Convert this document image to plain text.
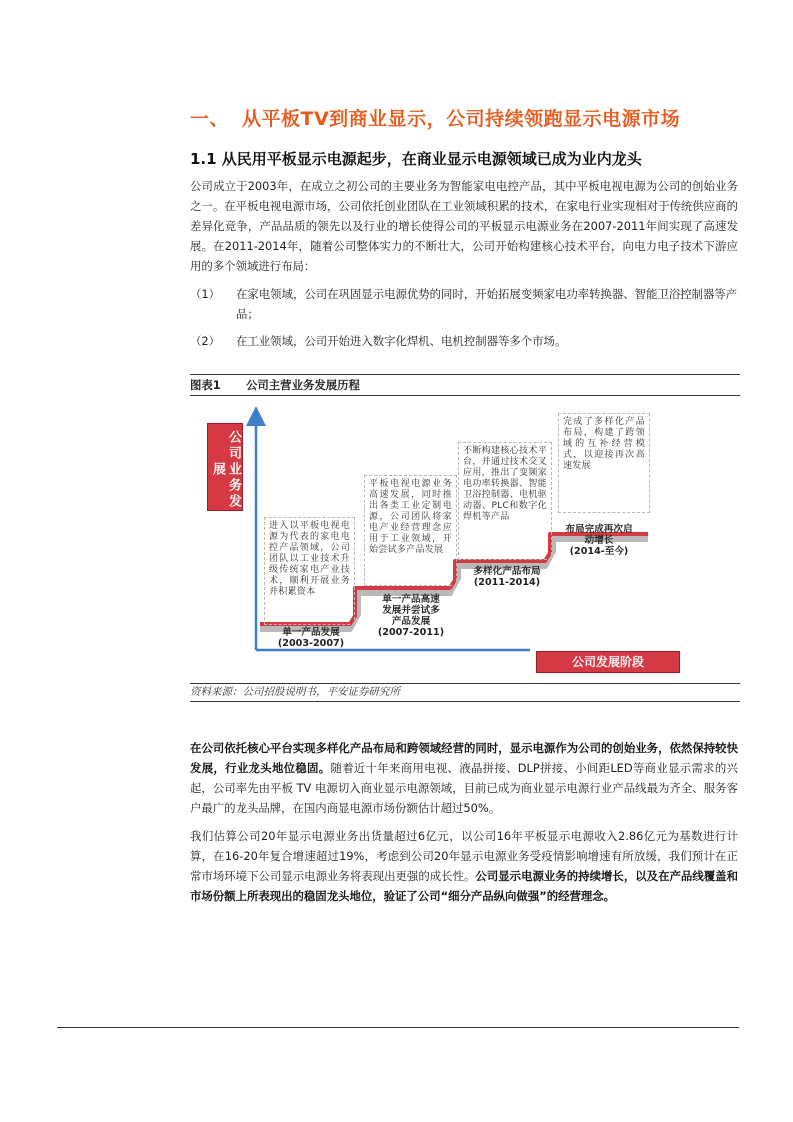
一、 从平板TV到商业显示，公司持续领跑显示电源市场
1.1 从民用平板显示电源起步，在商业显示电源领域已成为业内龙头
公司成立于2003年，在成立之初公司的主要业务为智能家电电控产品，其中平板电视电源为公司的创始业务之一。在平板电视电源市场，公司依托创业团队在工业领域积累的技术，在家电行业实现相对于传统供应商的差异化竞争，产品品质的领先以及行业的增长使得公司的平板显示电源业务在2007-2011年间实现了高速发展。在2011-2014年，随着公司整体实力的不断壮大，公司开始构建核心技术平台，向电力电子技术下游应用的多个领域进行布局：
（1）	在家电领域，公司在巩固显示电源优势的同时，开始拓展变频家电功率转换器、智能卫浴控制器等产品；
（2）	在工业领域，公司开始进入数字化焊机、电机控制器等多个市场。
图表1 公司主营业务发展历程
公司业务发展
公司发展阶段
进入以平板电视电源为代表的家电电控产品领域，公司团队以工业技术升级传统家电产业技术，顺利开展业务并积累资本
平板电视电源业务高速发展，同时推出各类工业定制电源，公司团队将家电产业经营理念应用于工业领域，开始尝试多产品发展
不断构建核心技术平台，并通过技术交叉应用，推出了变频家电功率转换器、智能卫浴控制器、电机驱动器、PLC和数字化焊机等产品
完成了多样化产品布局，构建了跨领域的互补经营模式，以迎接再次高速发展
单一产品发展
(2003-2007)
单一产品高速发展并尝试多产品发展
(2007-2011)
多样化产品布局
(2011-2014)
布局完成再次启动增长
(2014-至今)
资料来源：公司招股说明书，平安证券研究所
在公司依托核心平台实现多样化产品布局和跨领域经营的同时，显示电源作为公司的创始业务，依然保持较快发展，行业龙头地位稳固。随着近十年来商用电视、液晶拼接、DLP拼接、小间距LED等商业显示需求的兴起，公司率先由平板 TV 电源切入商业显示电源领域，目前已成为商业显示电源行业产品线最为齐全、服务客户最广的龙头品牌，在国内商显电源市场份额估计超过50%。
我们估算公司20年显示电源业务出货量超过6亿元，以公司16年平板显示电源收入2.86亿元为基数进行计算，在16-20年复合增速超过19%，考虑到公司20年显示电源业务受疫情影响增速有所放缓，我们预计在正常市场环境下公司显示电源业务将表现出更强的成长性。公司显示电源业务的持续增长，以及在产品线覆盖和市场份额上所表现出的稳固龙头地位，验证了公司“细分产品纵向做强”的经营理念。
